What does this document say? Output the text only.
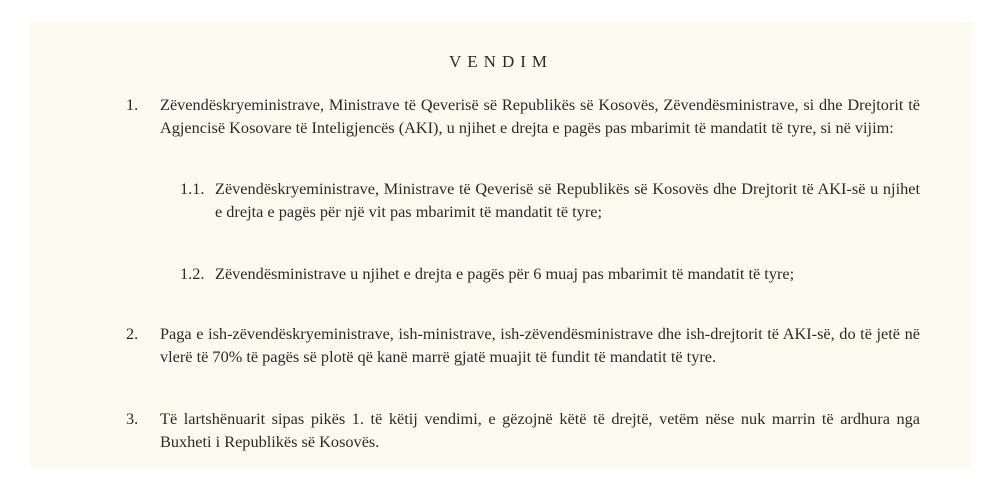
VENDIM
1. Zëvendëskryeministrave, Ministrave të Qeverisë së Republikës së Kosovës, Zëvendësministrave, si dhe Drejtorit të Agjencisë Kosovare të Inteligjencës (AKI), u njihet e drejta e pagës pas mbarimit të mandatit të tyre, si në vijim:
1.1. Zëvendëskryeministrave, Ministrave të Qeverisë së Republikës së Kosovës dhe Drejtorit të AKI-së u njihet e drejta e pagës për një vit pas mbarimit të mandatit të tyre;
1.2. Zëvendësministrave u njihet e drejta e pagës për 6 muaj pas mbarimit të mandatit të tyre;
2. Paga e ish-zëvendëskryeministrave, ish-ministrave, ish-zëvendësministrave dhe ish-drejtorit të AKI-së, do të jetë në vlerë të 70% të pagës së plotë që kanë marrë gjatë muajit të fundit të mandatit të tyre.
3. Të lartshënuarit sipas pikës 1. të këtij vendimi, e gëzojnë këtë të drejtë, vetëm nëse nuk marrin të ardhura nga Buxheti i Republikës së Kosovës.
